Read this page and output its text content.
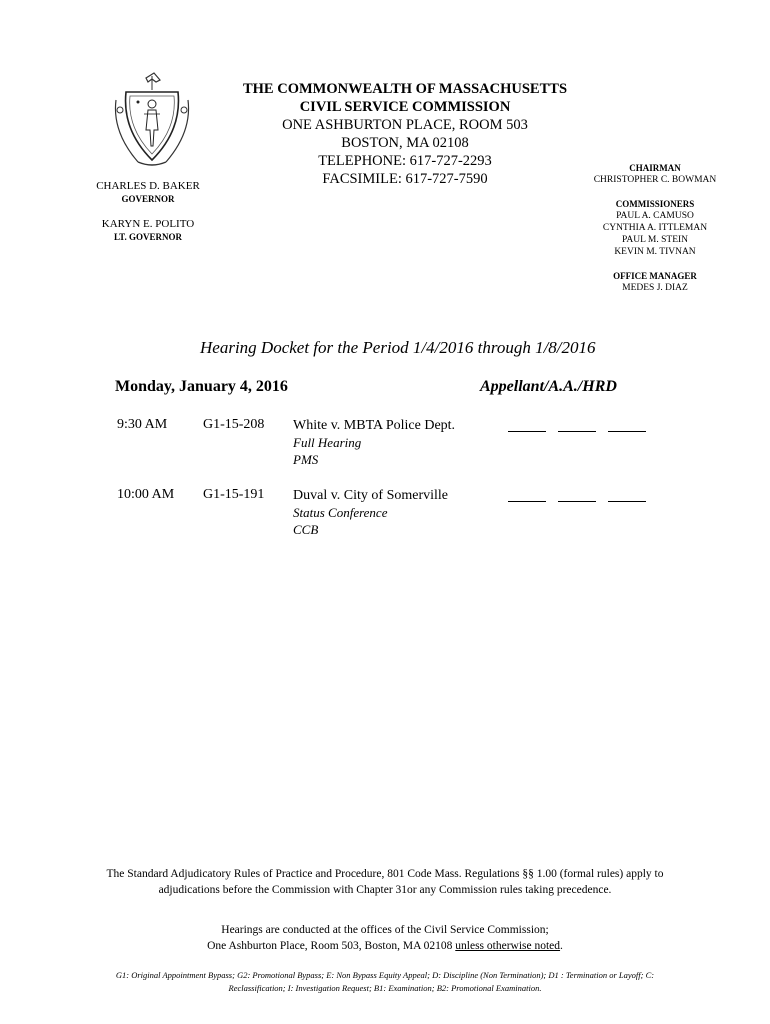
THE COMMONWEALTH OF MASSACHUSETTS
CIVIL SERVICE COMMISSION
ONE ASHBURTON PLACE, ROOM 503
BOSTON, MA 02108
TELEPHONE: 617-727-2293
FACSIMILE: 617-727-7590
CHARLES D. BAKER
GOVERNOR
KARYN E. POLITO
LT. GOVERNOR
CHAIRMAN
CHRISTOPHER C. BOWMAN
COMMISSIONERS
PAUL A. CAMUSO
CYNTHIA A. ITTLEMAN
PAUL M. STEIN
KEVIN M. TIVNAN
OFFICE MANAGER
MEDES J. DIAZ
Hearing Docket for the Period 1/4/2016 through 1/8/2016
Monday, January 4, 2016	Appellant/A.A./HRD
9:30 AM	G1-15-208 White v. MBTA Police Dept.
Full Hearing
PMS
10:00 AM G1-15-191 Duval v. City of Somerville
Status Conference
CCB
The Standard Adjudicatory Rules of Practice and Procedure, 801 Code Mass. Regulations §§ 1.00 (formal rules) apply to adjudications before the Commission with Chapter 31or any Commission rules taking precedence.
Hearings are conducted at the offices of the Civil Service Commission;
One Ashburton Place, Room 503, Boston, MA 02108 unless otherwise noted.
G1: Original Appointment Bypass; G2: Promotional Bypass; E: Non Bypass Equity Appeal; D: Discipline (Non Termination); D1 : Termination or Layoff; C: Reclassification; I: Investigation Request; B1: Examination; B2: Promotional Examination.
